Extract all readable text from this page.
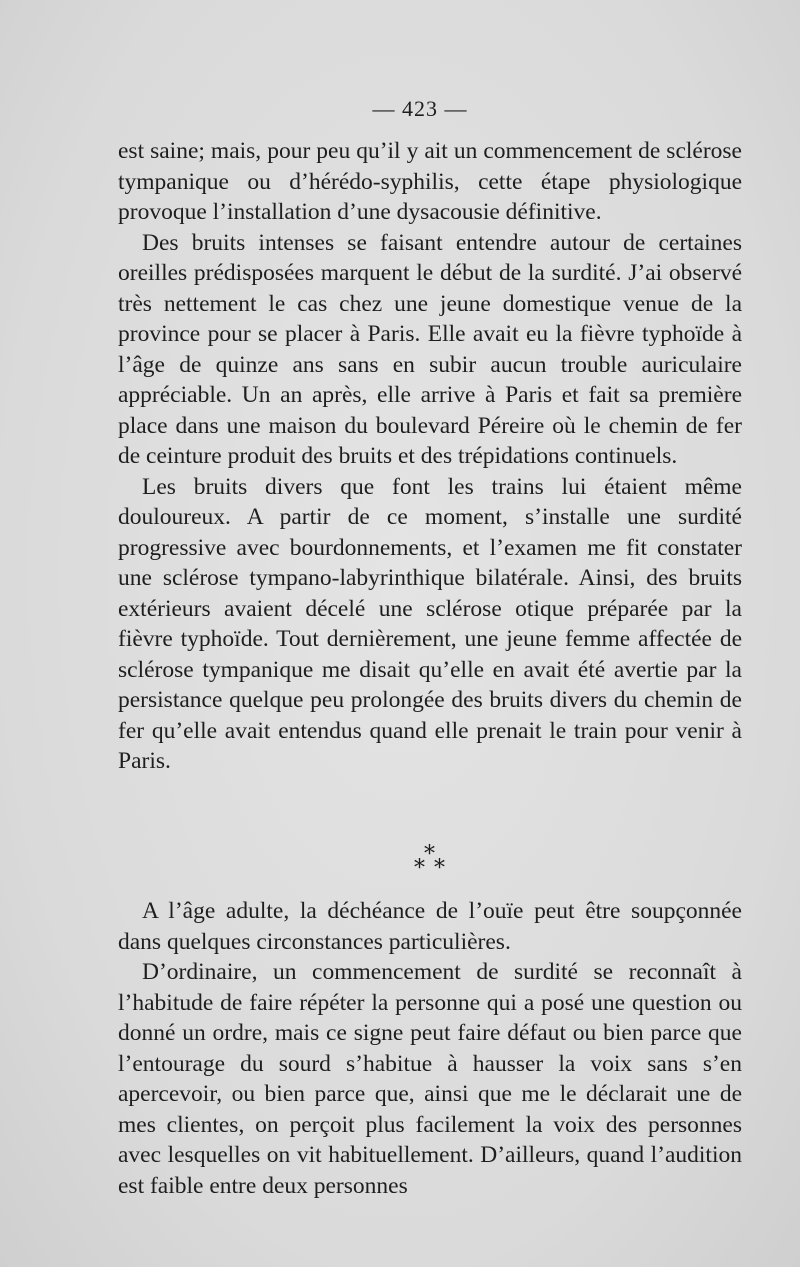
— 423 —

est saine; mais, pour peu qu’il y ait un commencement de sclérose tympanique ou d’hérédo-syphilis, cette étape physiologique provoque l’installation d’une dysacousie définitive.

Des bruits intenses se faisant entendre autour de certaines oreilles prédisposées marquent le début de la surdité. J’ai observé très nettement le cas chez une jeune domestique venue de la province pour se placer à Paris. Elle avait eu la fièvre typhoïde à l’âge de quinze ans sans en subir aucun trouble auriculaire appréciable. Un an après, elle arrive à Paris et fait sa première place dans une maison du boulevard Péreire où le chemin de fer de ceinture produit des bruits et des trépidations continuels.

Les bruits divers que font les trains lui étaient même douloureux. A partir de ce moment, s’installe une surdité progressive avec bourdonnements, et l’examen me fit constater une sclérose tympano-labyrinthique bilatérale. Ainsi, des bruits extérieurs avaient décelé une sclérose otique préparée par la fièvre typhoïde. Tout dernièrement, une jeune femme affectée de sclérose tympanique me disait qu’elle en avait été avertie par la persistance quelque peu prolongée des bruits divers du chemin de fer qu’elle avait entendus quand elle prenait le train pour venir à Paris.

*
* *

A l’âge adulte, la déchéance de l’ouïe peut être soupçonnée dans quelques circonstances particulières.

D’ordinaire, un commencement de surdité se reconnaît à l’habitude de faire répéter la personne qui a posé une question ou donné un ordre, mais ce signe peut faire défaut ou bien parce que l’entourage du sourd s’habitue à hausser la voix sans s’en apercevoir, ou bien parce que, ainsi que me le déclarait une de mes clientes, on perçoit plus facilement la voix des personnes avec lesquelles on vit habituellement. D’ailleurs, quand l’audition est faible entre deux personnes
